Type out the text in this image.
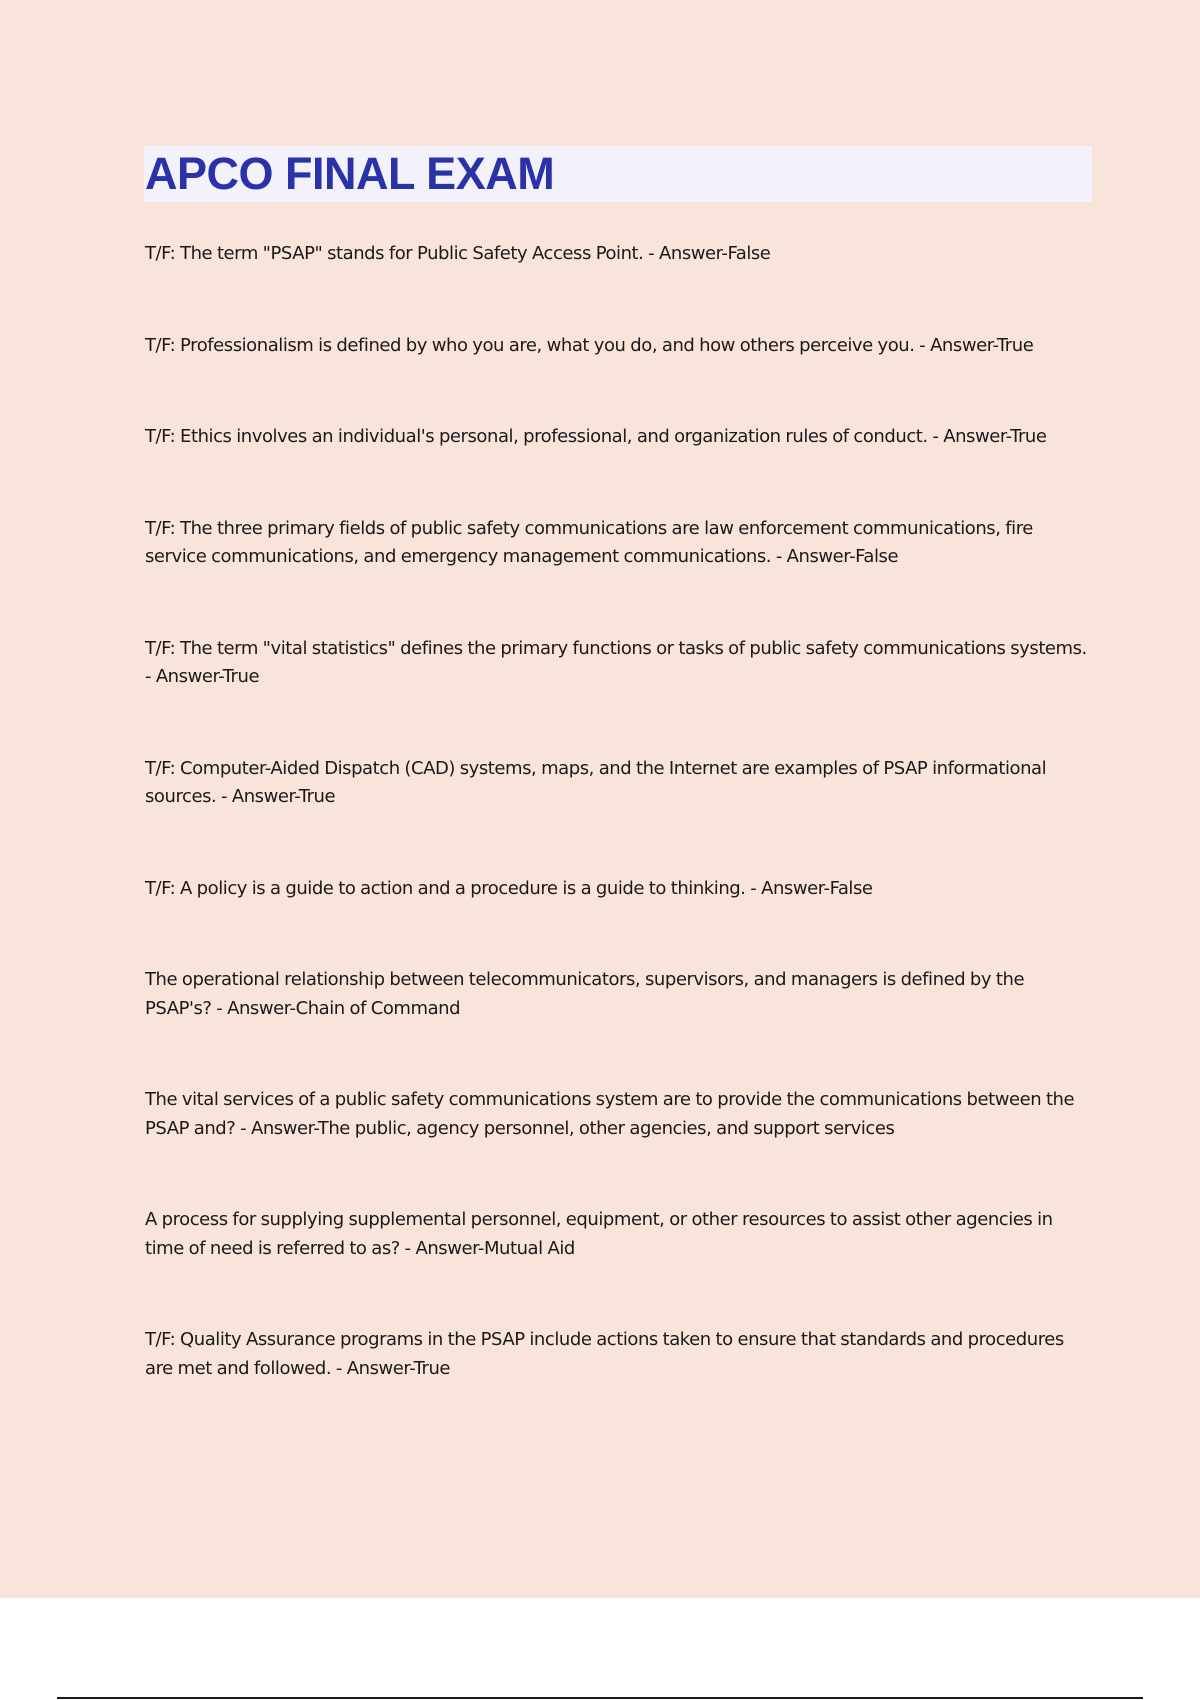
APCO FINAL EXAM
T/F: The term "PSAP" stands for Public Safety Access Point. - Answer-False
T/F: Professionalism is defined by who you are, what you do, and how others perceive you. - Answer-True
T/F: Ethics involves an individual's personal, professional, and organization rules of conduct. - Answer-True
T/F: The three primary fields of public safety communications are law enforcement communications, fire service communications, and emergency management communications. - Answer-False
T/F: The term "vital statistics" defines the primary functions or tasks of public safety communications systems. - Answer-True
T/F: Computer-Aided Dispatch (CAD) systems, maps, and the Internet are examples of PSAP informational sources. - Answer-True
T/F: A policy is a guide to action and a procedure is a guide to thinking. - Answer-False
The operational relationship between telecommunicators, supervisors, and managers is defined by the PSAP's? - Answer-Chain of Command
The vital services of a public safety communications system are to provide the communications between the PSAP and? - Answer-The public, agency personnel, other agencies, and support services
A process for supplying supplemental personnel, equipment, or other resources to assist other agencies in time of need is referred to as? - Answer-Mutual Aid
T/F: Quality Assurance programs in the PSAP include actions taken to ensure that standards and procedures are met and followed. - Answer-True
